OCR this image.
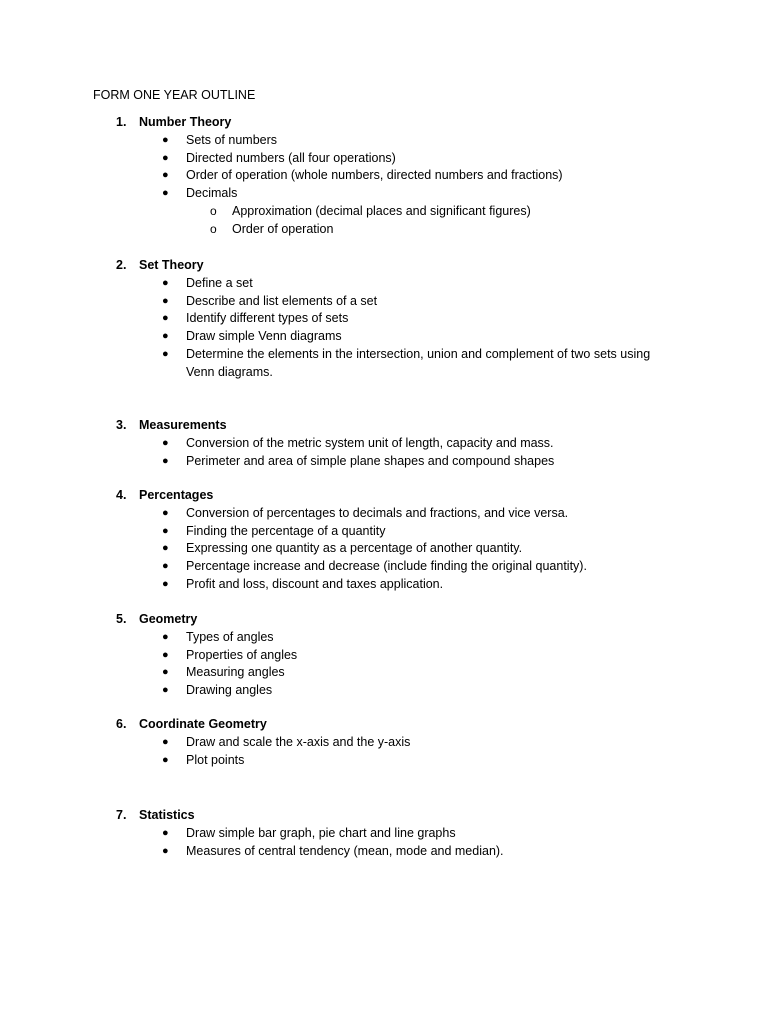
FORM ONE YEAR OUTLINE
1. Number Theory
● Sets of numbers
● Directed numbers (all four operations)
● Order of operation (whole numbers, directed numbers and fractions)
● Decimals
o Approximation (decimal places and significant figures)
o Order of operation
2. Set Theory
● Define a set
● Describe and list elements of a set
● Identify different types of sets
● Draw simple Venn diagrams
● Determine the elements in the intersection, union and complement of two sets using Venn diagrams.
3. Measurements
● Conversion of the metric system unit of length, capacity and mass.
● Perimeter and area of simple plane shapes and compound shapes
4. Percentages
● Conversion of percentages to decimals and fractions, and vice versa.
● Finding the percentage of a quantity
● Expressing one quantity as a percentage of another quantity.
● Percentage increase and decrease (include finding the original quantity).
● Profit and loss, discount and taxes application.
5. Geometry
● Types of angles
● Properties of angles
● Measuring angles
● Drawing angles
6. Coordinate Geometry
● Draw and scale the x-axis and the y-axis
● Plot points
7. Statistics
● Draw simple bar graph, pie chart and line graphs
● Measures of central tendency (mean, mode and median).
